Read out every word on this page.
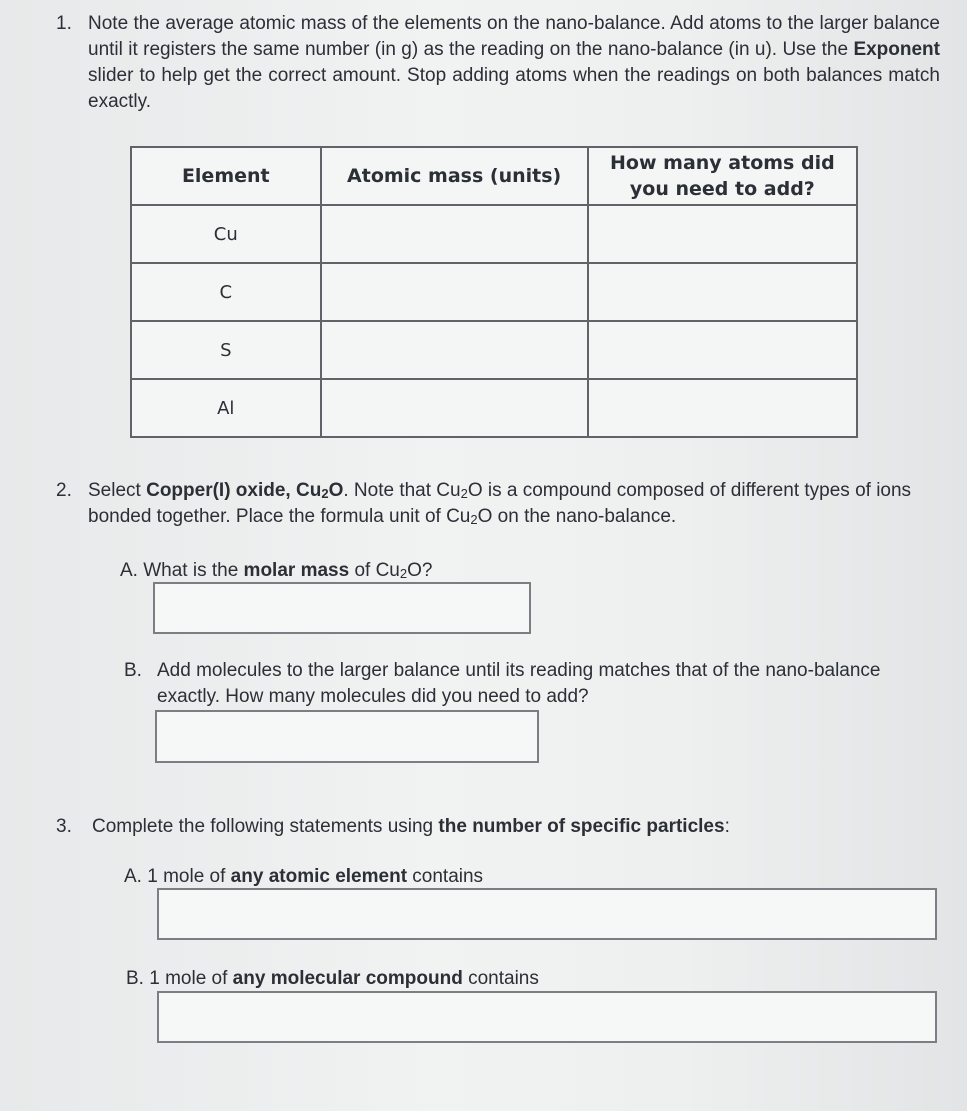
1. Note the average atomic mass of the elements on the nano-balance. Add atoms to the larger balance until it registers the same number (in g) as the reading on the nano-balance (in u). Use the Exponent slider to help get the correct amount. Stop adding atoms when the readings on both balances match exactly.
Element	Atomic mass (units)	How many atoms did you need to add?
Cu		
C		
S		
Al		
2. Select Copper(I) oxide, $Cu_2O$. Note that $Cu_2O$ is a compound composed of different types of ions bonded together. Place the formula unit of $Cu_2O$ on the nano-balance.
A. What is the molar mass of $Cu_2O$?
B. Add molecules to the larger balance until its reading matches that of the nano-balance exactly. How many molecules did you need to add?
3. Complete the following statements using the number of specific particles:
A. 1 mole of any atomic element contains
B. 1 mole of any molecular compound contains
